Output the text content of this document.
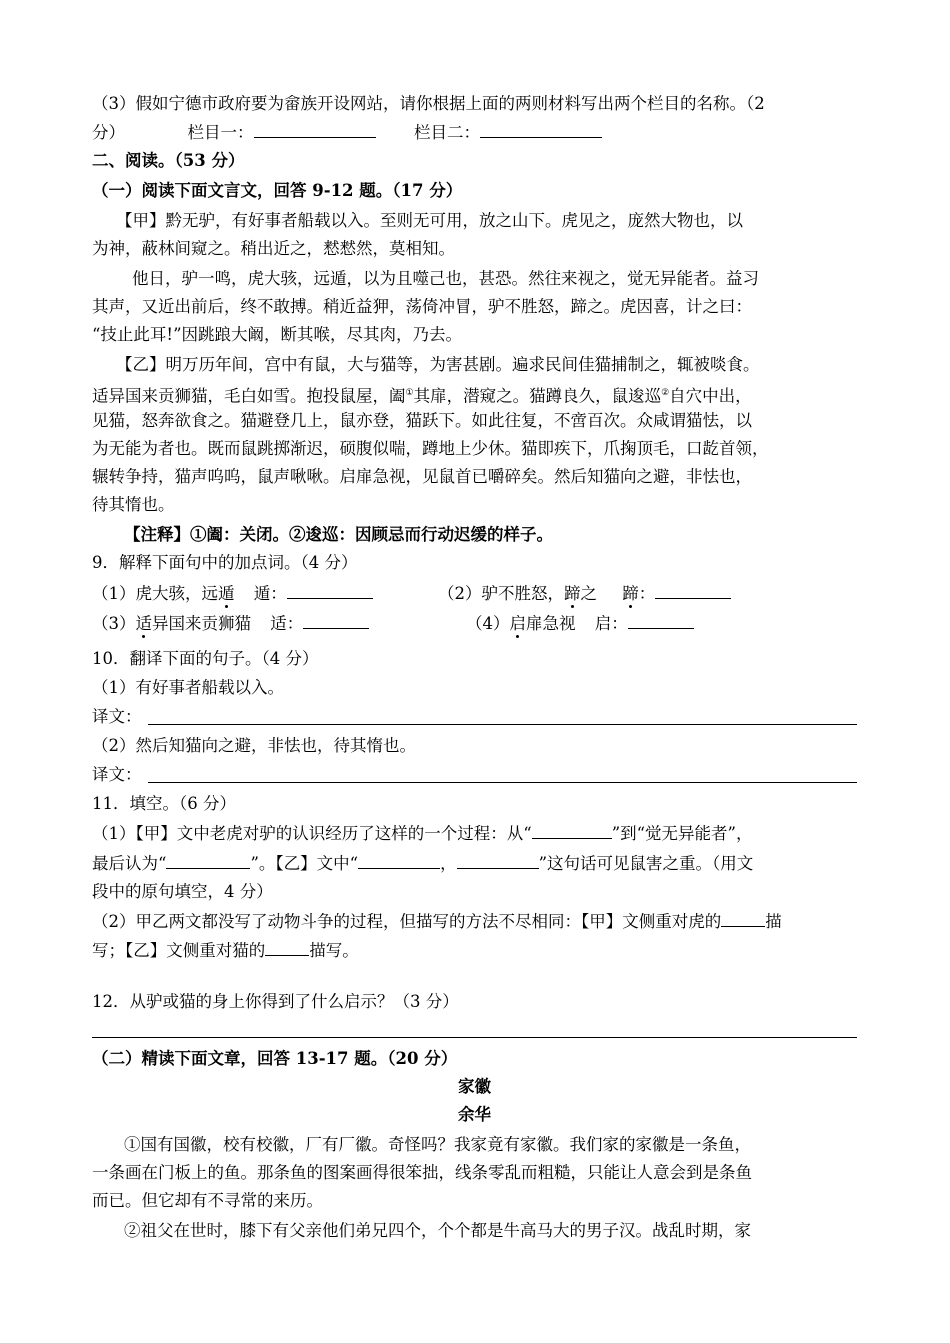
（3）假如宁德市政府要为畲族开设网站，请你根据上面的两则材料写出两个栏目的名称。（2
分）	栏目一：	栏目二：
二、阅读。（53 分）
（一）阅读下面文言文，回答 9-12 题。（17 分）
【甲】黔无驴，有好事者船载以入。至则无可用，放之山下。虎见之，庞然大物也，以
为神，蔽林间窥之。稍出近之，慭慭然，莫相知。
他日，驴一鸣，虎大骇，远遁，以为且噬己也，甚恐。然往来视之，觉无异能者。益习
其声，又近出前后，终不敢搏。稍近益狎，荡倚冲冒，驴不胜怒，蹄之。虎因喜，计之曰：
“技止此耳!”因跳踉大阚，断其喉，尽其肉，乃去。
【乙】明万历年间，宫中有鼠，大与猫等，为害甚剧。遍求民间佳猫捕制之，辄被啖食。
适异国来贡狮猫，毛白如雪。抱投鼠屋，阖①其扉，潜窥之。猫蹲良久，鼠逡巡②自穴中出，
见猫，怒奔欲食之。猫避登几上，鼠亦登，猫跃下。如此往复，不啻百次。众咸谓猫怯，以
为无能为者也。既而鼠跳掷渐迟，硕腹似喘，蹲地上少休。猫即疾下，爪掬顶毛，口龁首领，
辗转争持，猫声呜呜，鼠声啾啾。启扉急视，见鼠首已嚼碎矣。然后知猫向之避，非怯也，
待其惰也。
【注释】①阖：关闭。②逡巡：因顾忌而行动迟缓的样子。
9．解释下面句中的加点词。（4 分）
（1）虎大骇，远遁 遁：	（2）驴不胜怒，蹄之 蹄：
（3）适异国来贡狮猫 适：	（4）启扉急视 启：
10．翻译下面的句子。（4 分）
（1）有好事者船载以入。
译文：
（2）然后知猫向之避，非怯也，待其惰也。
译文：
11．填空。（6 分）
（1）【甲】文中老虎对驴的认识经历了这样的一个过程：从“	”到“觉无异能者”，
最后认为“	”。【乙】文中“	，	”这句话可见鼠害之重。（用文
段中的原句填空，4 分）
（2）甲乙两文都没写了动物斗争的过程，但描写的方法不尽相同：【甲】文侧重对虎的	描
写；【乙】文侧重对猫的	描写。
12．从驴或猫的身上你得到了什么启示？（3 分）
（二）精读下面文章，回答 13-17 题。（20 分）
家徽
余华
①国有国徽，校有校徽，厂有厂徽。奇怪吗？我家竟有家徽。我们家的家徽是一条鱼，
一条画在门板上的鱼。那条鱼的图案画得很笨拙，线条零乱而粗糙，只能让人意会到是条鱼
而已。但它却有不寻常的来历。
②祖父在世时，膝下有父亲他们弟兄四个，个个都是牛高马大的男子汉。战乱时期，家
